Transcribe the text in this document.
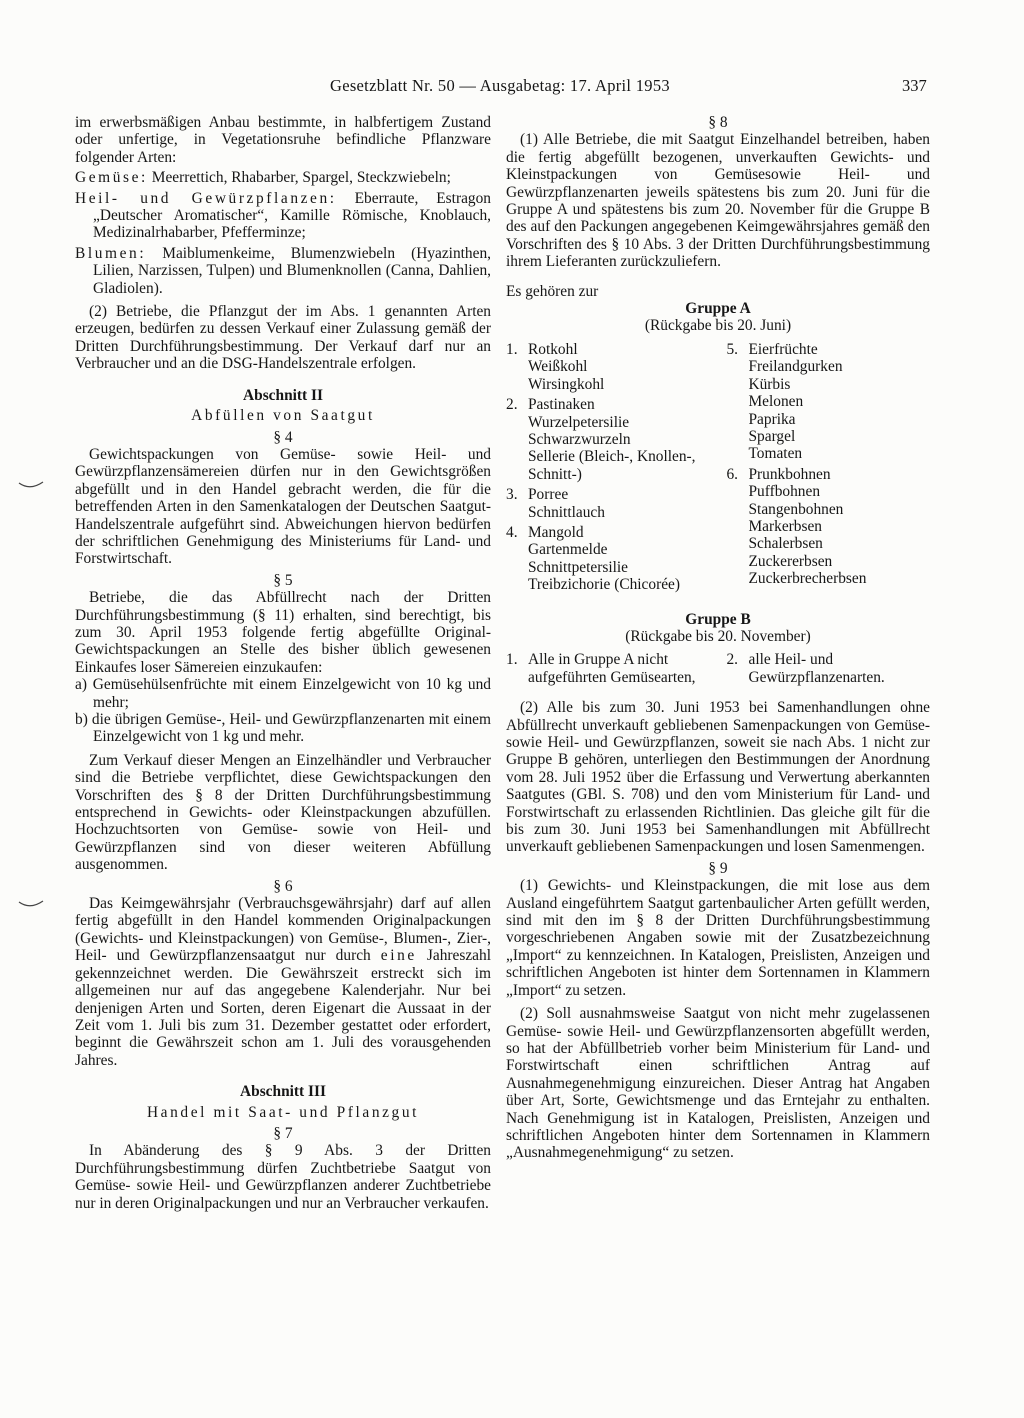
Gesetzblatt Nr. 50 — Ausgabetag: 17. April 1953	337

im erwerbsmäßigen Anbau bestimmte, in halbfertigem Zustand oder unfertige, in Vegetationsruhe befindliche Pflanzware folgender Arten:

Gemüse: Meerrettich, Rhabarber, Spargel, Steckzwiebeln;

Heil- und Gewürzpflanzen: Eberraute, Estragon „Deutscher Aromatischer“, Kamille Römische, Knoblauch, Medizinalrhabarber, Pfefferminze;

Blumen: Maiblumenkeime, Blumenzwiebeln (Hyazinthen, Lilien, Narzissen, Tulpen) und Blumenknollen (Canna, Dahlien, Gladiolen).

(2) Betriebe, die Pflanzgut der im Abs. 1 genannten Arten erzeugen, bedürfen zu dessen Verkauf einer Zulassung gemäß der Dritten Durchführungsbestimmung. Der Verkauf darf nur an Verbraucher und an die DSG-Handelszentrale erfolgen.

Abschnitt II
Abfüllen von Saatgut
§ 4

Gewichtspackungen von Gemüse- sowie Heil- und Gewürzpflanzensämereien dürfen nur in den Gewichtsgrößen abgefüllt und in den Handel gebracht werden, die für die betreffenden Arten in den Samenkatalogen der Deutschen Saatgut-Handelszentrale aufgeführt sind. Abweichungen hiervon bedürfen der schriftlichen Genehmigung des Ministeriums für Land- und Forstwirtschaft.

§ 5

Betriebe, die das Abfüllrecht nach der Dritten Durchführungsbestimmung (§ 11) erhalten, sind berechtigt, bis zum 30. April 1953 folgende fertig abgefüllte Original-Gewichtspackungen an Stelle des bisher üblich gewesenen Einkaufes loser Sämereien einzukaufen:

a) Gemüsehülsenfrüchte mit einem Einzelgewicht von 10 kg und mehr;

b) die übrigen Gemüse-, Heil- und Gewürzpflanzenarten mit einem Einzelgewicht von 1 kg und mehr.

Zum Verkauf dieser Mengen an Einzelhändler und Verbraucher sind die Betriebe verpflichtet, diese Gewichtspackungen den Vorschriften des § 8 der Dritten Durchführungsbestimmung entsprechend in Gewichts- oder Kleinstpackungen abzufüllen. Hochzuchtsorten von Gemüse- sowie von Heil- und Gewürzpflanzen sind von dieser weiteren Abfüllung ausgenommen.

§ 6

Das Keimgewährsjahr (Verbrauchsgewährsjahr) darf auf allen fertig abgefüllt in den Handel kommenden Originalpackungen (Gewichts- und Kleinstpackungen) von Gemüse-, Blumen-, Zier-, Heil- und Gewürzpflanzensaatgut nur durch eine Jahreszahl gekennzeichnet werden. Die Gewährszeit erstreckt sich im allgemeinen nur auf das angegebene Kalenderjahr. Nur bei denjenigen Arten und Sorten, deren Eigenart die Aussaat in der Zeit vom 1. Juli bis zum 31. Dezember gestattet oder erfordert, beginnt die Gewährszeit schon am 1. Juli des vorausgehenden Jahres.

Abschnitt III
Handel mit Saat- und Pflanzgut
§ 7

In Abänderung des § 9 Abs. 3 der Dritten Durchführungsbestimmung dürfen Zuchtbetriebe Saatgut von Gemüse- sowie Heil- und Gewürzpflanzen anderer Zuchtbetriebe nur in deren Originalpackungen und nur an Verbraucher verkaufen.

§ 8

(1) Alle Betriebe, die mit Saatgut Einzelhandel betreiben, haben die fertig abgefüllt bezogenen, unverkauften Gewichts- und Kleinstpackungen von Gemüsesowie Heil- und Gewürzpflanzenarten jeweils spätestens bis zum 20. Juni für die Gruppe A und spätestens bis zum 20. November für die Gruppe B des auf den Packungen angegebenen Keimgewährsjahres gemäß den Vorschriften des § 10 Abs. 3 der Dritten Durchführungsbestimmung ihrem Lieferanten zurückzuliefern.

Es gehören zur

Gruppe A
(Rückgabe bis 20. Juni)
1. Rotkohl
Weißkohl
Wirsingkohl
2. Pastinaken
Wurzelpetersilie
Schwarzwurzeln
Sellerie (Bleich-, Knollen-, Schnitt-)
3. Porree
Schnittlauch
4. Mangold
Gartenmelde
Schnittpetersilie
Treibzichorie (Chicorée)
5. Eierfrüchte
Freilandgurken
Kürbis
Melonen
Paprika
Spargel
Tomaten
6. Prunkbohnen
Puffbohnen
Stangenbohnen
Markerbsen
Schalerbsen
Zuckererbsen
Zuckerbrecherbsen
Gruppe B
(Rückgabe bis 20. November)
1. Alle in Gruppe A nicht aufgeführten Gemüsearten,
2. alle Heil- und Gewürzpflanzenarten.

(2) Alle bis zum 30. Juni 1953 bei Samenhandlungen ohne Abfüllrecht unverkauft gebliebenen Samenpackungen von Gemüse- sowie Heil- und Gewürzpflanzen, soweit sie nach Abs. 1 nicht zur Gruppe B gehören, unterliegen den Bestimmungen der Anordnung vom 28. Juli 1952 über die Erfassung und Verwertung aberkannten Saatgutes (GBl. S. 708) und den vom Ministerium für Land- und Forstwirtschaft zu erlassenden Richtlinien. Das gleiche gilt für die bis zum 30. Juni 1953 bei Samenhandlungen mit Abfüllrecht unverkauft gebliebenen Samenpackungen und losen Samenmengen.

§ 9

(1) Gewichts- und Kleinstpackungen, die mit lose aus dem Ausland eingeführtem Saatgut gartenbaulicher Arten gefüllt werden, sind mit den im § 8 der Dritten Durchführungsbestimmung vorgeschriebenen Angaben sowie mit der Zusatzbezeichnung „Import“ zu kennzeichnen. In Katalogen, Preislisten, Anzeigen und schriftlichen Angeboten ist hinter dem Sortennamen in Klammern „Import“ zu setzen.

(2) Soll ausnahmsweise Saatgut von nicht mehr zugelassenen Gemüse- sowie Heil- und Gewürzpflanzensorten abgefüllt werden, so hat der Abfüllbetrieb vorher beim Ministerium für Land- und Forstwirtschaft einen schriftlichen Antrag auf Ausnahmegenehmigung einzureichen. Dieser Antrag hat Angaben über Art, Sorte, Gewichtsmenge und das Erntejahr zu enthalten. Nach Genehmigung ist in Katalogen, Preislisten, Anzeigen und schriftlichen Angeboten hinter dem Sortennamen in Klammern „Ausnahmegenehmigung“ zu setzen.
